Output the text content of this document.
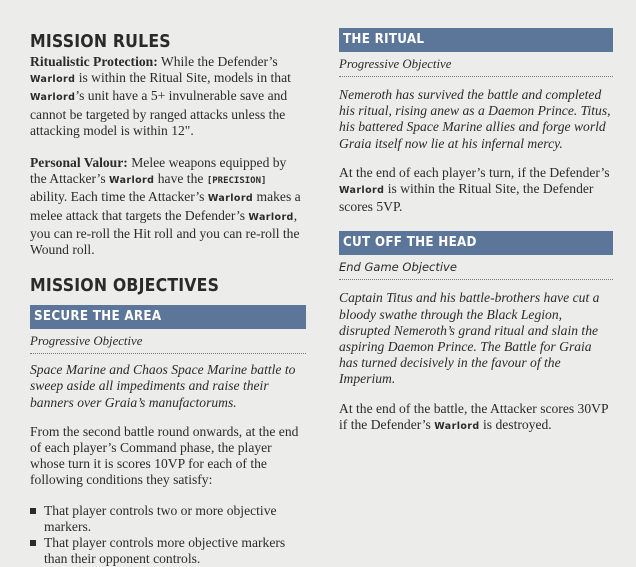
MISSION RULES

Ritualistic Protection: While the Defender’s
Warlord is within the Ritual Site, models in that
Warlord’s unit have a 5+ invulnerable save and cannot be targeted by ranged attacks unless the attacking model is within 12".

Personal Valour: Melee weapons equipped by the Attacker’s Warlord have the [PRECISION] ability. Each time the Attacker’s Warlord makes a melee attack that targets the Defender’s Warlord, you can re-roll the Hit roll and you can re-roll the Wound roll.

MISSION OBJECTIVES
SECURE THE AREA
Progressive Objective

Space Marine and Chaos Space Marine battle to sweep aside all impediments and raise their banners over Graia’s manufactorums.

From the second battle round onwards, at the end of each player’s Command phase, the player whose turn it is scores 10VP for each of the following conditions they satisfy:

That player controls two or more objective markers.
That player controls more objective markers than their opponent controls.
THE RITUAL
Progressive Objective

Nemeroth has survived the battle and completed his ritual, rising anew as a Daemon Prince. Titus, his battered Space Marine allies and forge world Graia itself now lie at his infernal mercy.

At the end of each player’s turn, if the Defender’s
Warlord is within the Ritual Site, the Defender scores 5VP.

CUT OFF THE HEAD
End Game Objective

Captain Titus and his battle-brothers have cut a bloody swathe through the Black Legion, disrupted Nemeroth’s grand ritual and slain the aspiring Daemon Prince. The Battle for Graia has turned decisively in the favour of the Imperium.

At the end of the battle, the Attacker scores 30VP if the Defender’s Warlord is destroyed.
